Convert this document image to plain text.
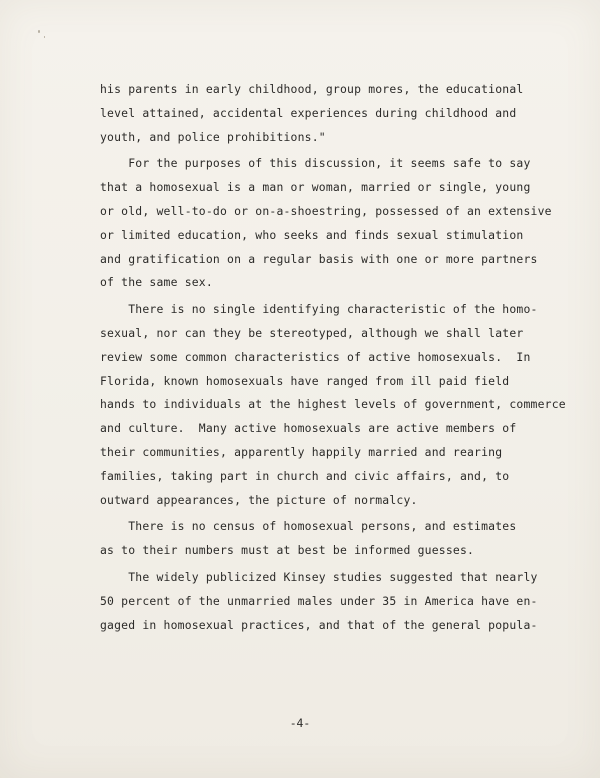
his parents in early childhood, group mores, the educational
level attained, accidental experiences during childhood and
youth, and police prohibitions."
For the purposes of this discussion, it seems safe to say
that a homosexual is a man or woman, married or single, young
or old, well-to-do or on-a-shoestring, possessed of an extensive
or limited education, who seeks and finds sexual stimulation
and gratification on a regular basis with one or more partners
of the same sex.
There is no single identifying characteristic of the homo-
sexual, nor can they be stereotyped, although we shall later
review some common characteristics of active homosexuals.  In
Florida, known homosexuals have ranged from ill paid field
hands to individuals at the highest levels of government, commerce
and culture.  Many active homosexuals are active members of
their communities, apparently happily married and rearing
families, taking part in church and civic affairs, and, to
outward appearances, the picture of normalcy.
There is no census of homosexual persons, and estimates
as to their numbers must at best be informed guesses.
The widely publicized Kinsey studies suggested that nearly
50 percent of the unmarried males under 35 in America have en-
gaged in homosexual practices, and that of the general popula-
-4-
